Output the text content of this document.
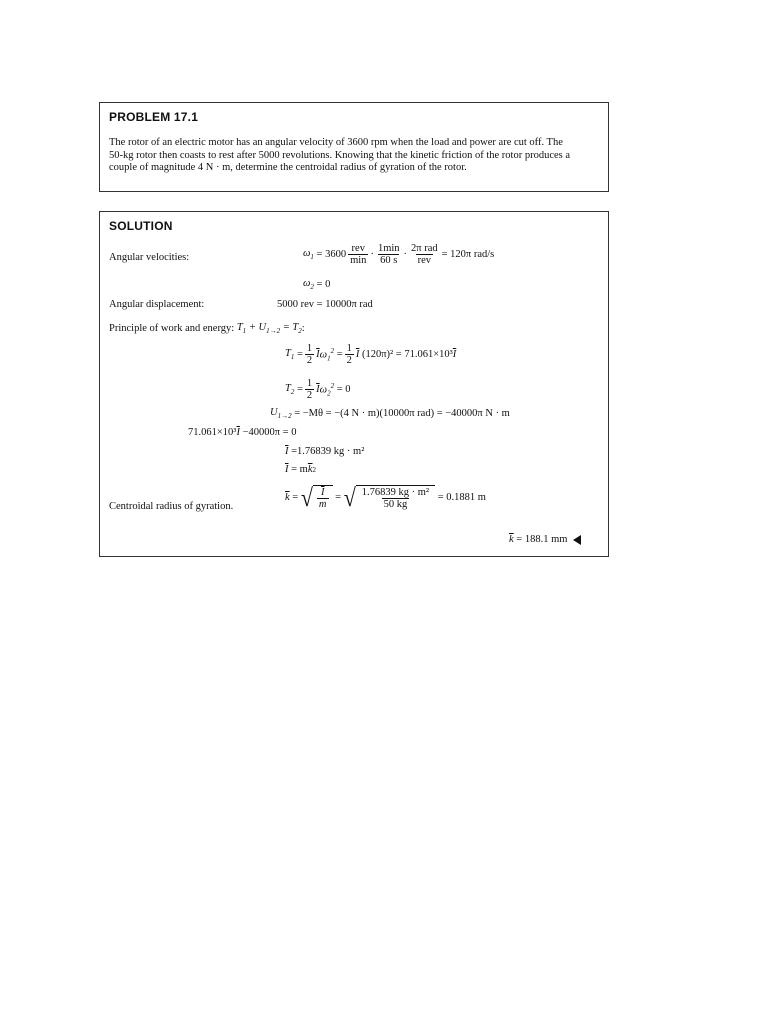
PROBLEM 17.1
The rotor of an electric motor has an angular velocity of 3600 rpm when the load and power are cut off. The
50-kg rotor then coasts to rest after 5000 revolutions. Knowing that the kinetic friction of the rotor produces a
couple of magnitude 4 N · m, determine the centroidal radius of gyration of the rotor.
SOLUTION
Angular velocities:	$\omega_1$
= $3600 \frac{\text{rev}}{\min} \cdot \frac{1\min}{60 s} \cdot \frac{\text{2π rad}}{\text{rev}} = 120\pi$ rad/s
$\omega_2$
= 0
Angular displacement:	5000 rev = 10000π rad
Principle of work and energy:
$T_1 + U_{1\to 2} = T_2$ :
$T_1 = \frac{1}{2} \overline{I}$ $\omega_1^2 = \frac{1}{2} \overline{I}$
(120π)² = 71.061×10³ $\overline{I}$
$T_2 = \frac{1}{2} \overline{I}$ $\omega_2^2$
= 0
$U_{1\to 2}$
= −Mθ = −(4 N · m)(10000π rad) = −40000π N · m
71.061×10³ $\overline{I}$
−40000π = 0
$\overline{I}$
=1.76839 kg · m²
$\overline{I}$
= m $\overline{k}$ 2
Centroidal radius of gyration.
$\overline{k}$ = √ $\frac{I}{m}$ = √ $\frac{\text{1.76839 kg · m²}}{50 kg}$
= 0.1881 m
$\overline{k}$
= 188.1 mm
